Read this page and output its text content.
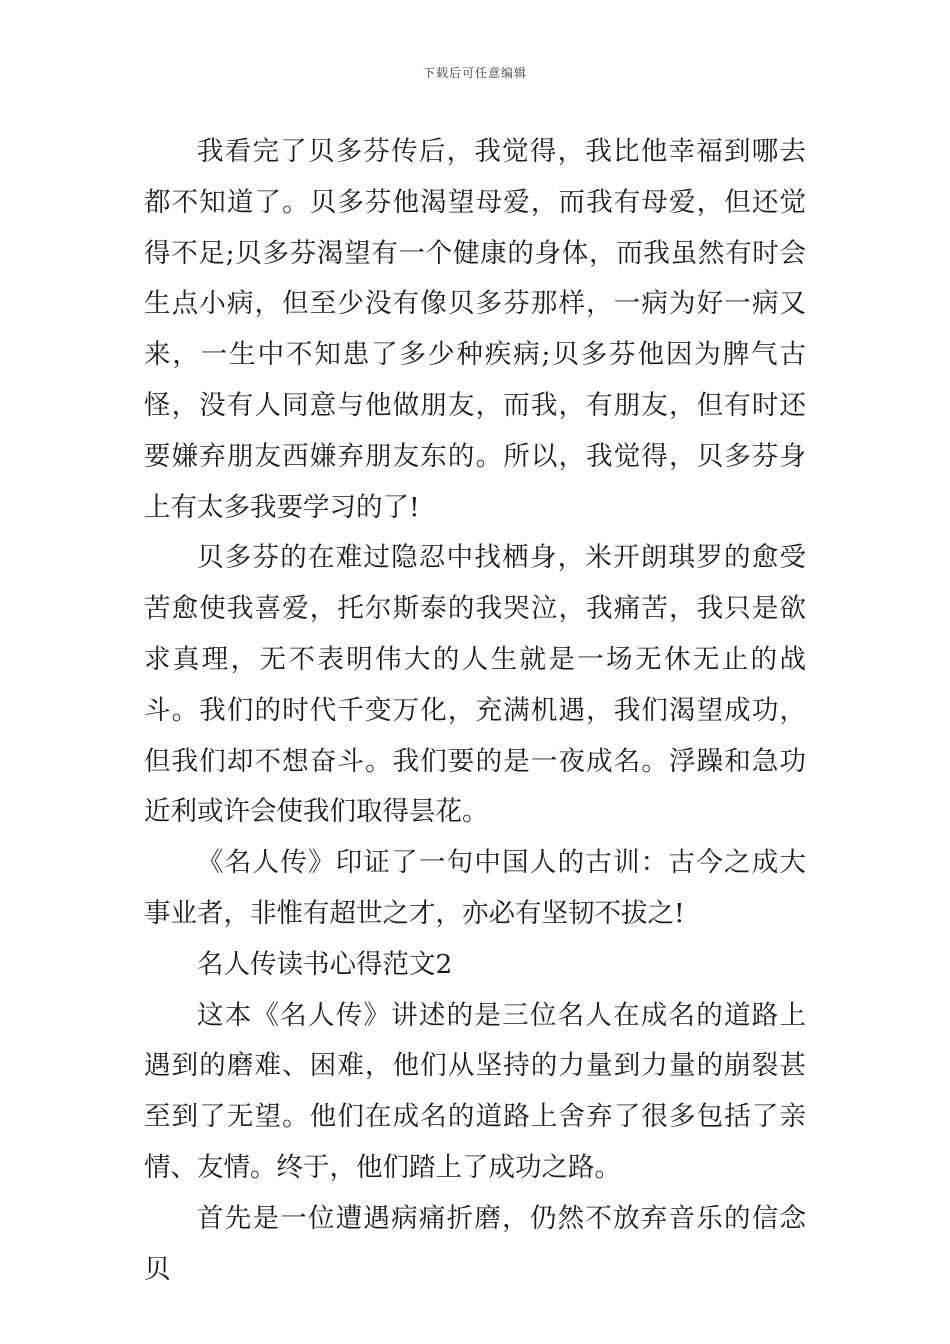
下载后可任意编辑

我看完了贝多芬传后，我觉得，我比他幸福到哪去都不知道了。贝多芬他渴望母爱，而我有母爱，但还觉得不足;贝多芬渴望有一个健康的身体，而我虽然有时会生点小病，但至少没有像贝多芬那样，一病为好一病又来，一生中不知患了多少种疾病;贝多芬他因为脾气古怪，没有人同意与他做朋友，而我，有朋友，但有时还要嫌弃朋友西嫌弃朋友东的。所以，我觉得，贝多芬身上有太多我要学习的了!

贝多芬的在难过隐忍中找栖身，米开朗琪罗的愈受苦愈使我喜爱，托尔斯泰的我哭泣，我痛苦，我只是欲求真理，无不表明伟大的人生就是一场无休无止的战斗。我们的时代千变万化，充满机遇，我们渴望成功，但我们却不想奋斗。我们要的是一夜成名。浮躁和急功近利或许会使我们取得昙花。

《名人传》印证了一句中国人的古训：古今之成大事业者，非惟有超世之才，亦必有坚韧不拔之!

名人传读书心得范文2

这本《名人传》讲述的是三位名人在成名的道路上遇到的磨难、困难，他们从坚持的力量到力量的崩裂甚至到了无望。他们在成名的道路上舍弃了很多包括了亲情、友情。终于，他们踏上了成功之路。

首先是一位遭遇病痛折磨，仍然不放弃音乐的信念贝
